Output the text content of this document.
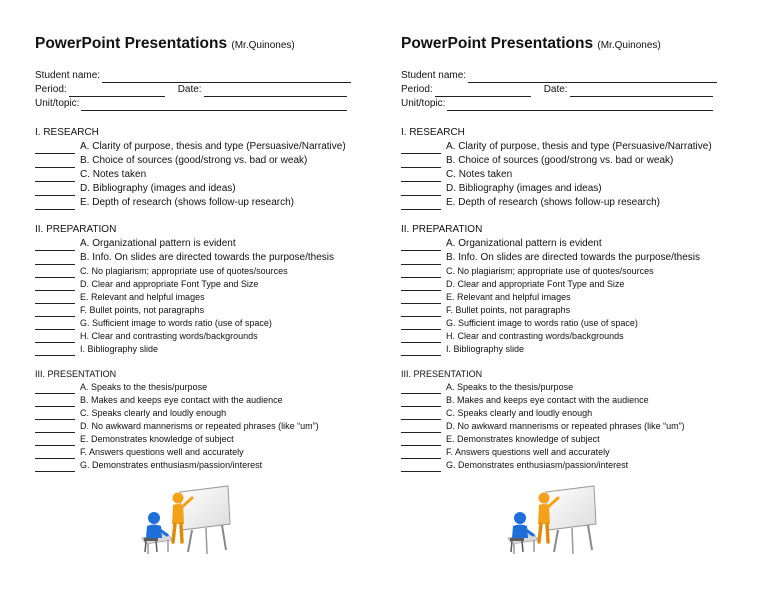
PowerPoint Presentations (Mr.Quinones)
Student name:
Period:	Date:
Unit/topic:
I. RESEARCH
A. Clarity of purpose, thesis and type (Persuasive/Narrative)
B. Choice of sources (good/strong vs. bad or weak)
C. Notes taken
D. Bibliography (images and ideas)
E. Depth of research (shows follow-up research)
II. PREPARATION
A. Organizational pattern is evident
B. Info. On slides are directed towards the purpose/thesis
C. No plagiarism; appropriate use of quotes/sources
D. Clear and appropriate Font Type and Size
E. Relevant and helpful images
F. Bullet points, not paragraphs
G. Sufficient image to words ratio (use of space)
H. Clear and contrasting words/backgrounds
I. Bibliography slide
III. PRESENTATION
A. Speaks to the thesis/purpose
B. Makes and keeps eye contact with the audience
C. Speaks clearly and loudly enough
D. No awkward mannerisms or repeated phrases (like “um”)
E. Demonstrates knowledge of subject
F. Answers questions well and accurately
G. Demonstrates enthusiasm/passion/interest
PowerPoint Presentations (Mr.Quinones)
Student name:
Period:	Date:
Unit/topic:
I. RESEARCH
A. Clarity of purpose, thesis and type (Persuasive/Narrative)
B. Choice of sources (good/strong vs. bad or weak)
C. Notes taken
D. Bibliography (images and ideas)
E. Depth of research (shows follow-up research)
II. PREPARATION
A. Organizational pattern is evident
B. Info. On slides are directed towards the purpose/thesis
C. No plagiarism; appropriate use of quotes/sources
D. Clear and appropriate Font Type and Size
E. Relevant and helpful images
F. Bullet points, not paragraphs
G. Sufficient image to words ratio (use of space)
H. Clear and contrasting words/backgrounds
I. Bibliography slide
III. PRESENTATION
A. Speaks to the thesis/purpose
B. Makes and keeps eye contact with the audience
C. Speaks clearly and loudly enough
D. No awkward mannerisms or repeated phrases (like “um”)
E. Demonstrates knowledge of subject
F. Answers questions well and accurately
G. Demonstrates enthusiasm/passion/interest
